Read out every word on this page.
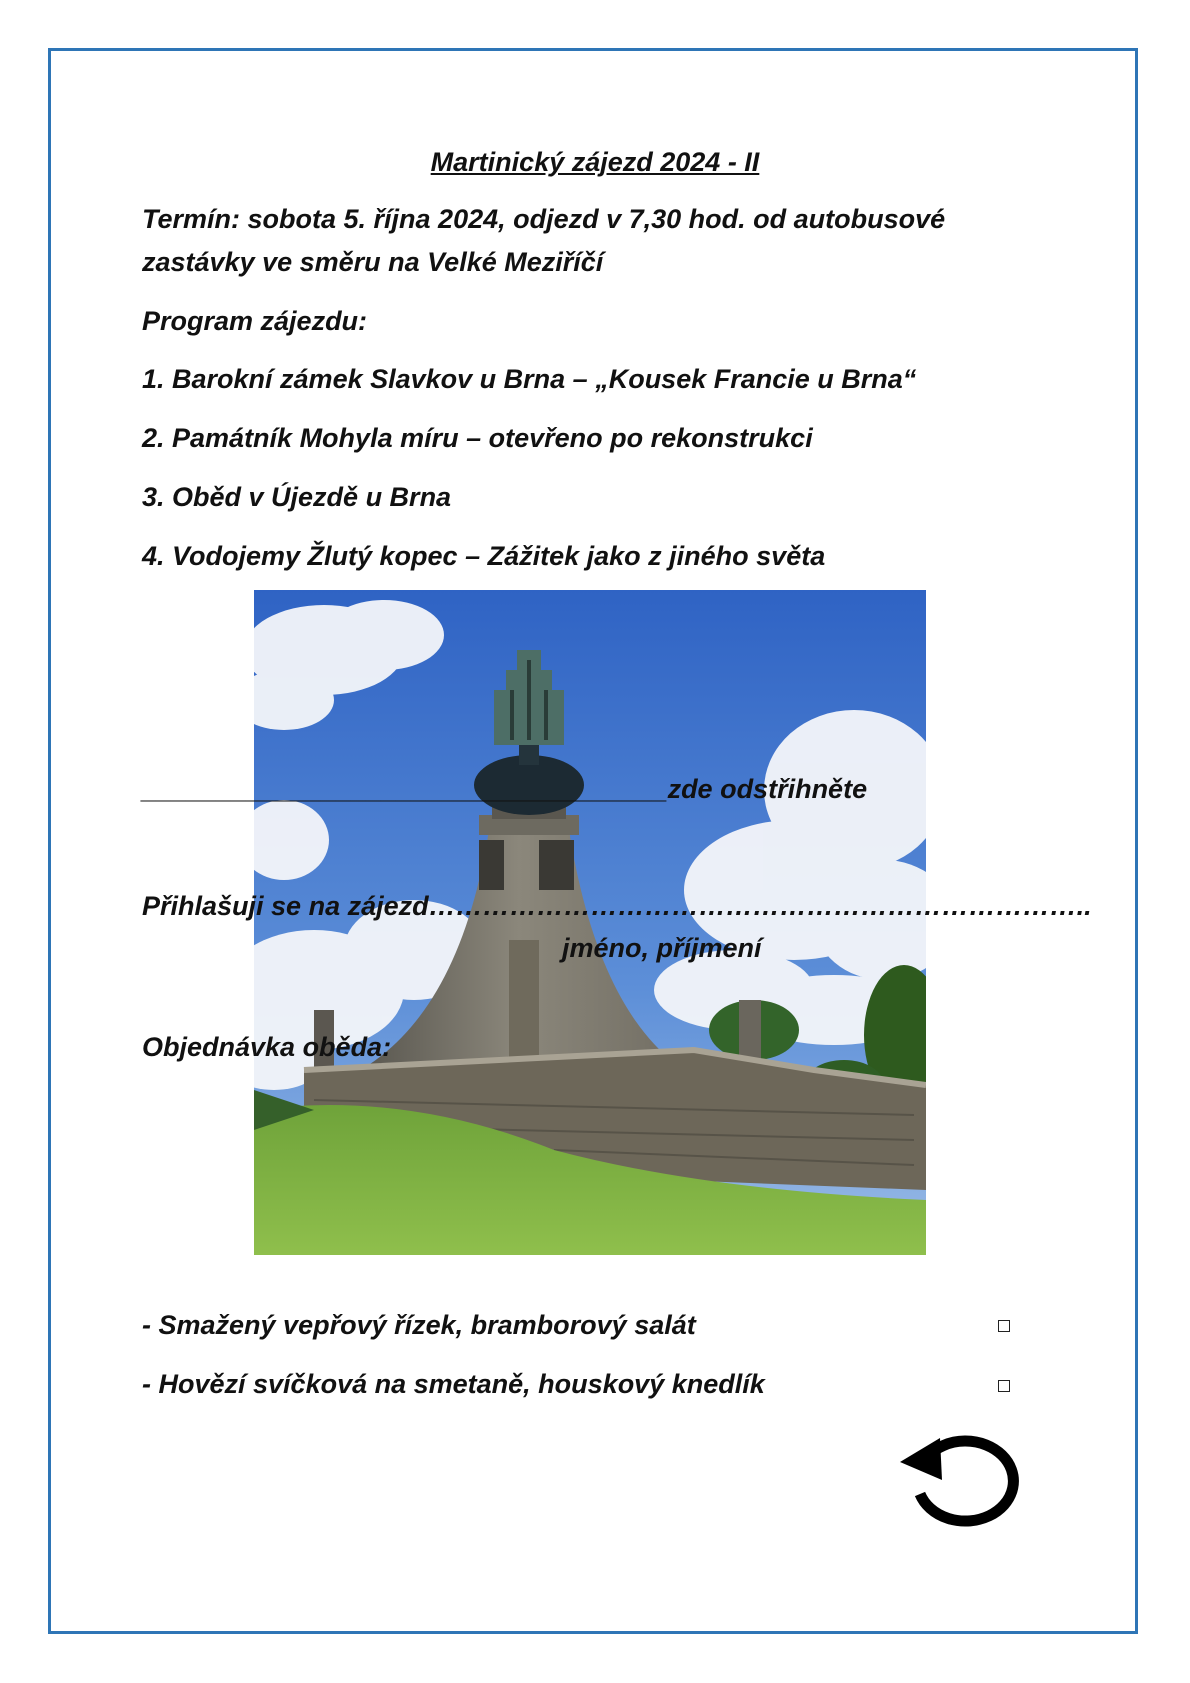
Martinický zájezd 2024 - II
Termín: sobota 5. října 2024, odjezd v 7,30 hod. od autobusové
zastávky ve směru na Velké Meziříčí
Program zájezdu:
1. Barokní zámek Slavkov u Brna – „Kousek Francie u Brna“
2. Památník Mohyla míru – otevřeno po rekonstrukci
3. Oběd v Újezdě u Brna
4. Vodojemy Žlutý kopec – Zážitek jako z jiného světa
___________________________________zde odstřihněte
Přihlašuji se na zájezd………………………………………………………………..
jméno, příjmení
Objednávka oběda:
- Smažený vepřový řízek, bramborový salát
- Hovězí svíčková na smetaně, houskový knedlík
